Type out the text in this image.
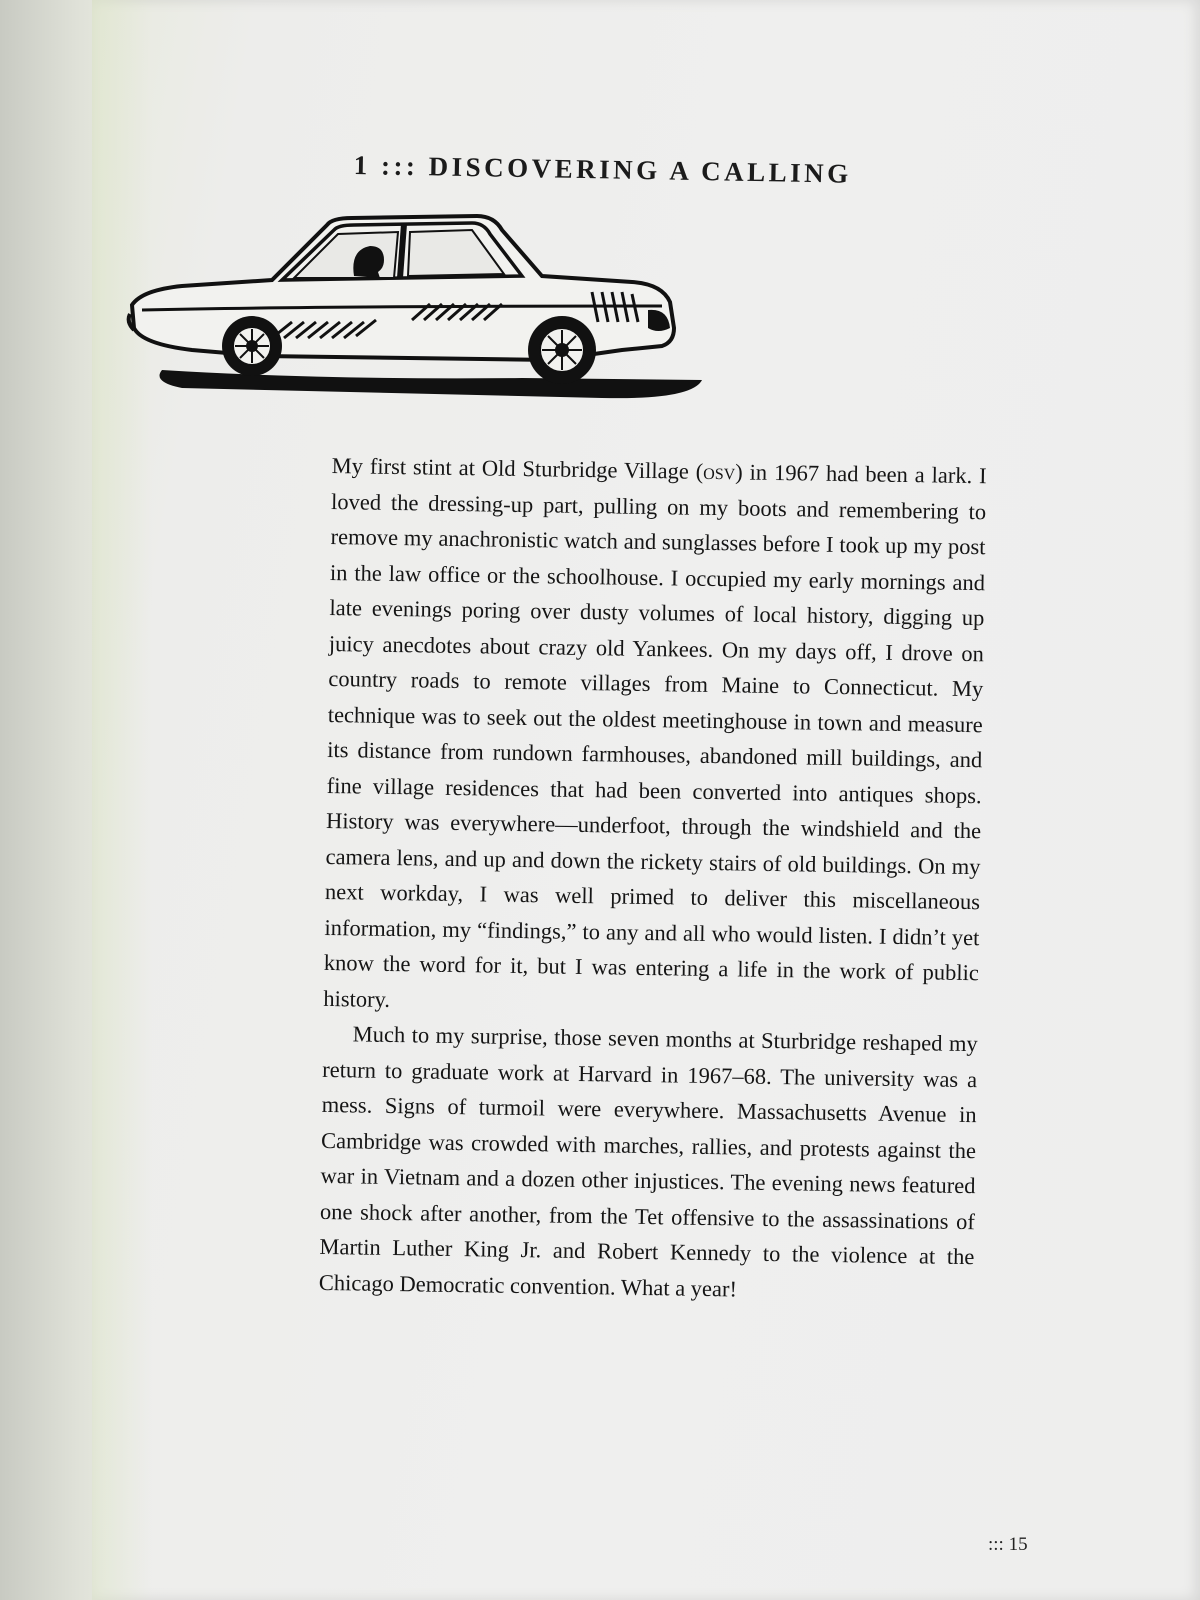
1 ::: DISCOVERING A CALLING

My first stint at Old Sturbridge Village (osv) in 1967 had been a lark. I loved the dressing-up part, pulling on my boots and remembering to remove my anachronistic watch and sunglasses before I took up my post in the law office or the schoolhouse. I occupied my early mornings and late evenings poring over dusty volumes of local history, digging up juicy anecdotes about crazy old Yankees. On my days off, I drove on country roads to remote villages from Maine to Connecticut. My technique was to seek out the oldest meetinghouse in town and measure its distance from rundown farmhouses, abandoned mill buildings, and fine village residences that had been converted into antiques shops. History was everywhere—underfoot, through the windshield and the camera lens, and up and down the rickety stairs of old buildings. On my next workday, I was well primed to deliver this miscellaneous information, my “findings,” to any and all who would listen. I didn’t yet know the word for it, but I was entering a life in the work of public history.

Much to my surprise, those seven months at Sturbridge reshaped my return to graduate work at Harvard in 1967–68. The university was a mess. Signs of turmoil were everywhere. Massachusetts Avenue in Cambridge was crowded with marches, rallies, and protests against the war in Vietnam and a dozen other injustices. The evening news featured one shock after another, from the Tet offensive to the assassinations of Martin Luther King Jr. and Robert Kennedy to the violence at the Chicago Democratic convention. What a year!

::: 15
